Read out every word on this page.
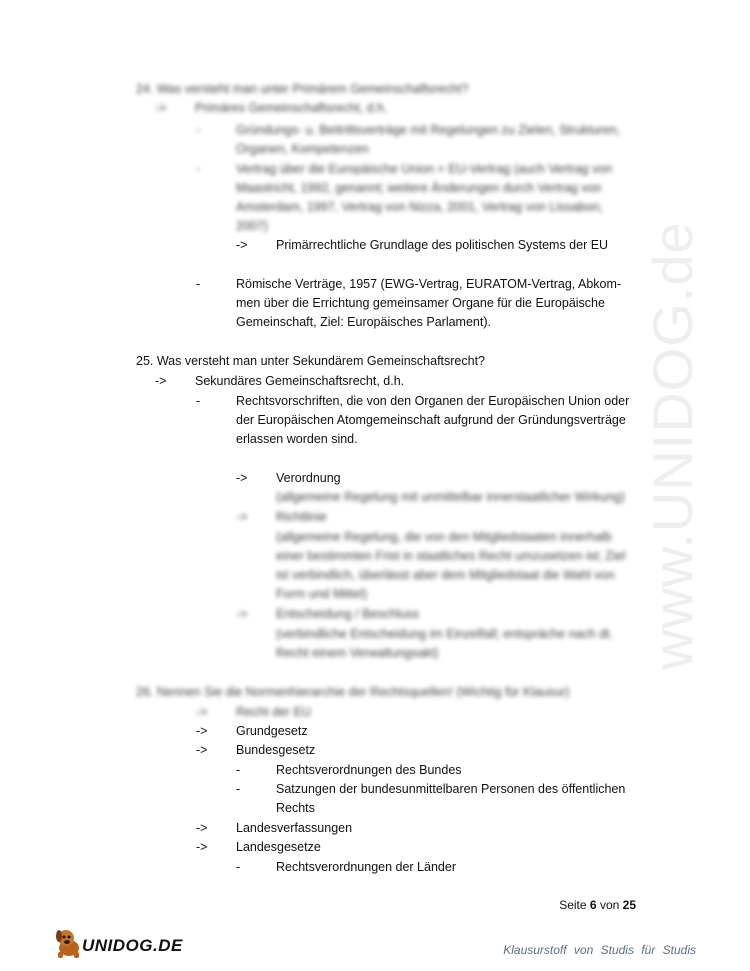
www.UNIDOG.de
24. Was versteht man unter Primärem Gemeinschaftsrecht?
-> Primäres Gemeinschaftsrecht, d.h.
-	Gründungs- u. Beitrittsverträge mit Regelungen zu Zielen, Strukturen,
Organen, Kompetenzen
-	Vertrag über die Europäische Union = EU-Vertrag (auch Vertrag von
Maastricht, 1992, genannt; weitere Änderungen durch Vertrag von
Amsterdam, 1997, Vertrag von Nizza, 2001, Vertrag von Lissabon,
2007)
-> Primärrechtliche Grundlage des politischen Systems der EU
-	Römische Verträge, 1957 (EWG-Vertrag, EURATOM-Vertrag, Abkom-
men über die Errichtung gemeinsamer Organe für die Europäische
Gemeinschaft, Ziel: Europäisches Parlament).
25. Was versteht man unter Sekundärem Gemeinschaftsrecht?
-> Sekundäres Gemeinschaftsrecht, d.h.
-	Rechtsvorschriften, die von den Organen der Europäischen Union oder
der Europäischen Atomgemeinschaft aufgrund der Gründungsverträge
erlassen worden sind.
-> Verordnung
(allgemeine Regelung mit unmittelbar innerstaatlicher Wirkung)
-> Richtlinie
(allgemeine Regelung, die von den Mitgliedstaaten innerhalb
einer bestimmten Frist in staatliches Recht umzusetzen ist; Ziel
ist verbindlich, überlässt aber dem Mitgliedstaat die Wahl von
Form und Mittel)
-> Entscheidung / Beschluss
(verbindliche Entscheidung im Einzelfall; entspräche nach dt.
Recht einem Verwaltungsakt)
26. Nennen Sie die Normenhierarchie der Rechtsquellen! (Wichtig für Klausur)
-> Recht der EU
-> Grundgesetz
-> Bundesgesetz
-	Rechtsverordnungen des Bundes
-	Satzungen der bundesunmittelbaren Personen des öffentlichen
Rechts
-> Landesverfassungen
-> Landesgesetze
-	Rechtsverordnungen der Länder
Seite 6 von 25
UNIDOG.DE	Klausurstoff von Studis für Studis
